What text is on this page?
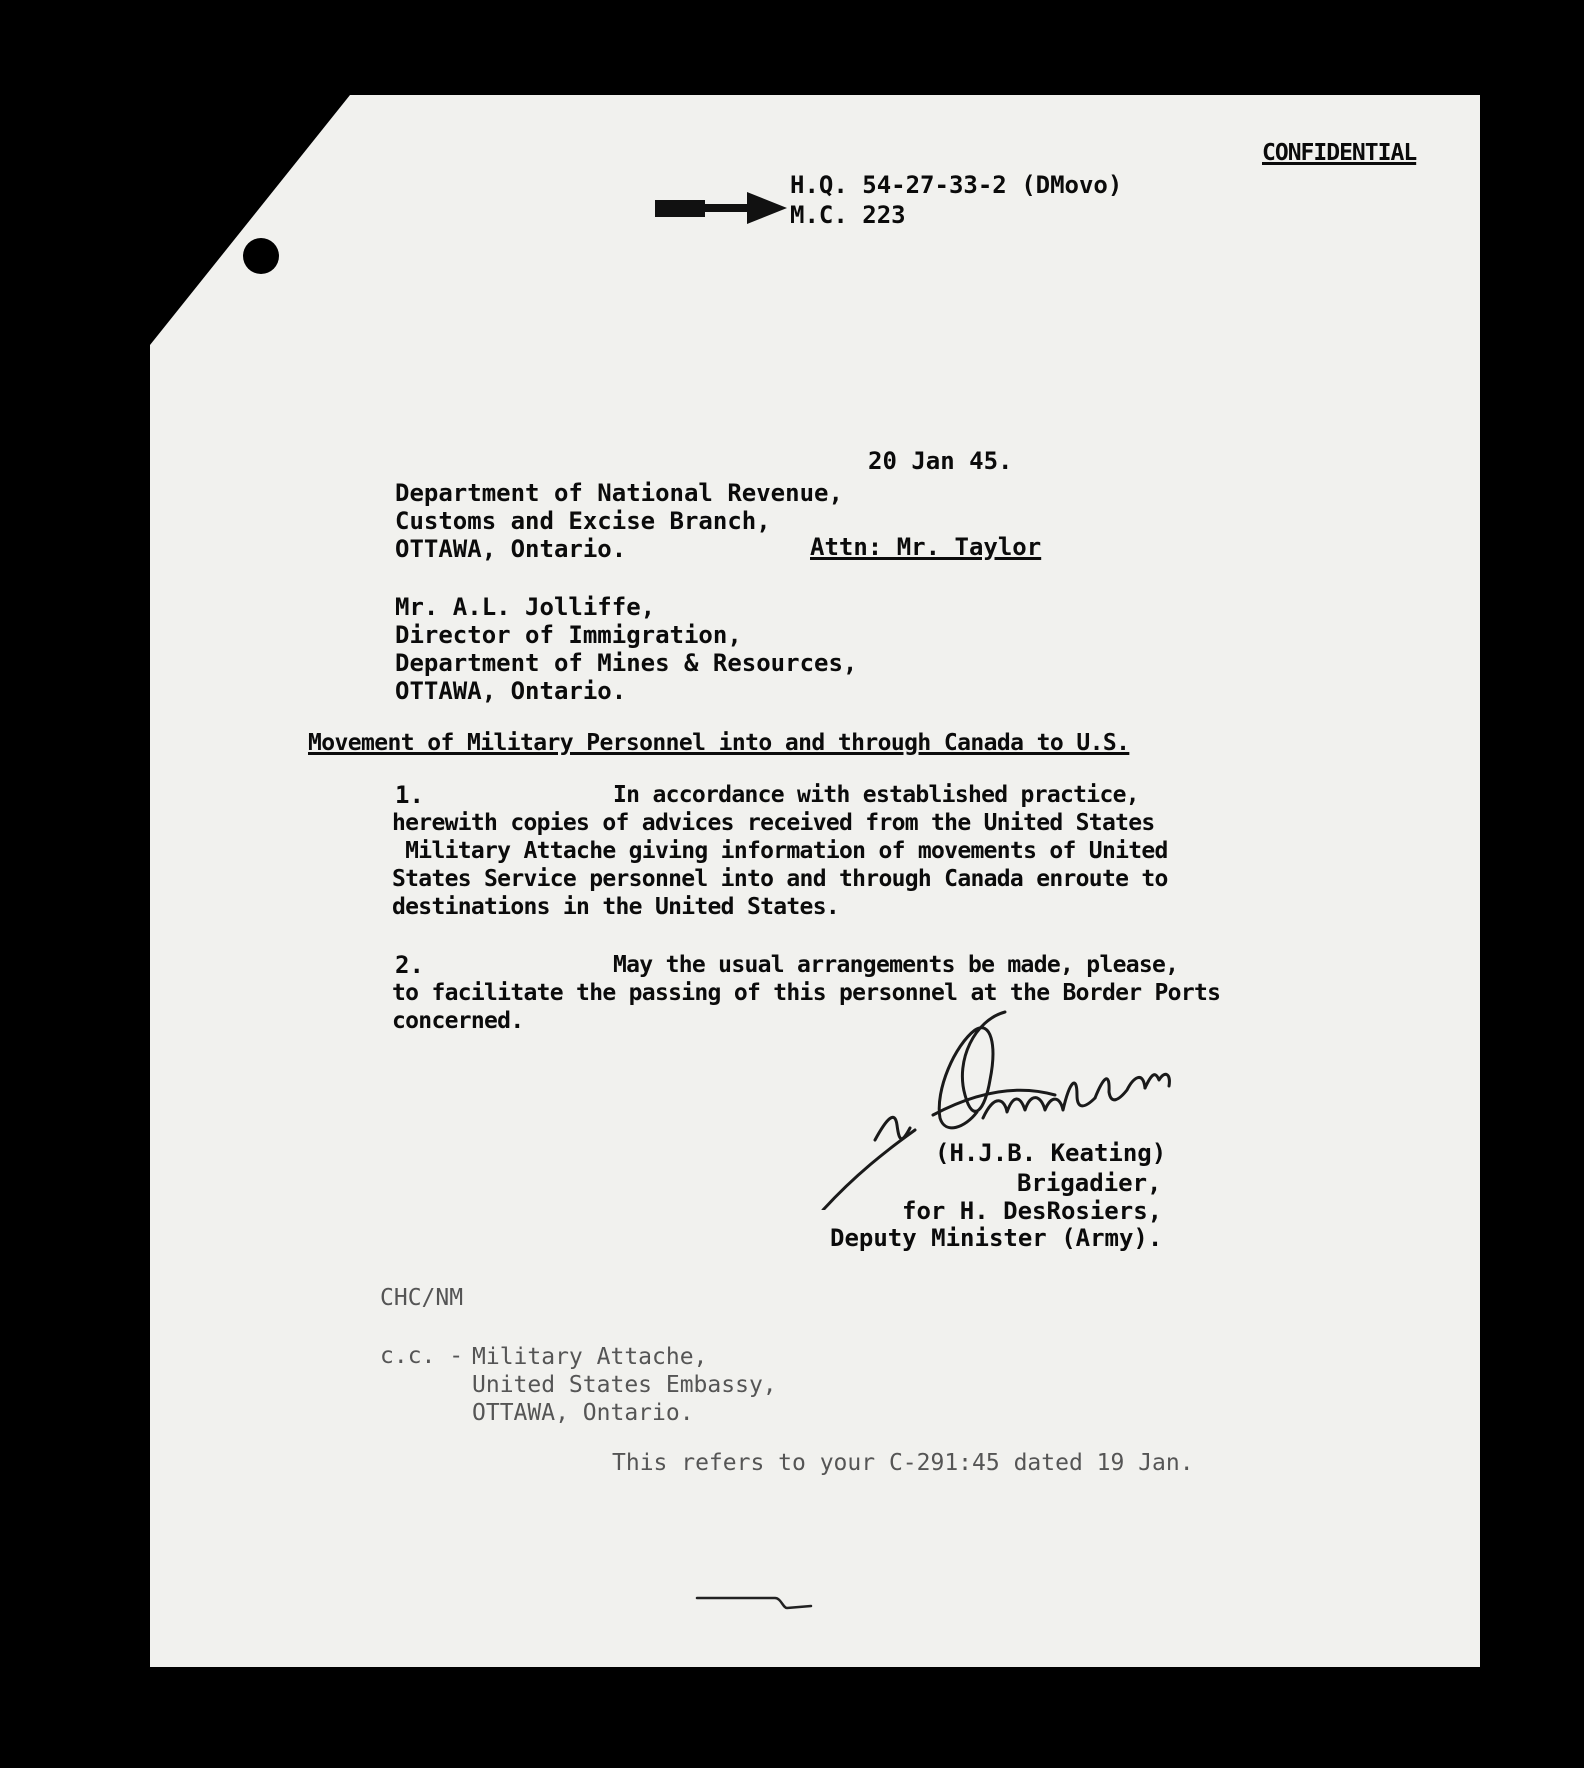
CONFIDENTIAL

H.Q. 54-27-33-2 (DMovo)

M.C. 223

20 Jan 45.

Department of National Revenue,
Customs and Excise Branch,
OTTAWA, Ontario.	Attn: Mr. Taylor

Mr. A.L. Jolliffe,
Director of Immigration,
Department of Mines & Resources,
OTTAWA, Ontario.

Movement of Military Personnel into and through Canada to U.S.

1.	In accordance with established practice,
herewith copies of advices received from the United States
Military Attache giving information of movements of United
States Service personnel into and through Canada enroute to
destinations in the United States.

2.	May the usual arrangements be made, please,
to facilitate the passing of this personnel at the Border Ports
concerned.

(H.J.B. Keating)

Brigadier,

for H. DesRosiers,

Deputy Minister (Army).

CHC/NM

c.c. - Military Attache,
United States Embassy,
OTTAWA, Ontario.

This refers to your C-291:45 dated 19 Jan.
